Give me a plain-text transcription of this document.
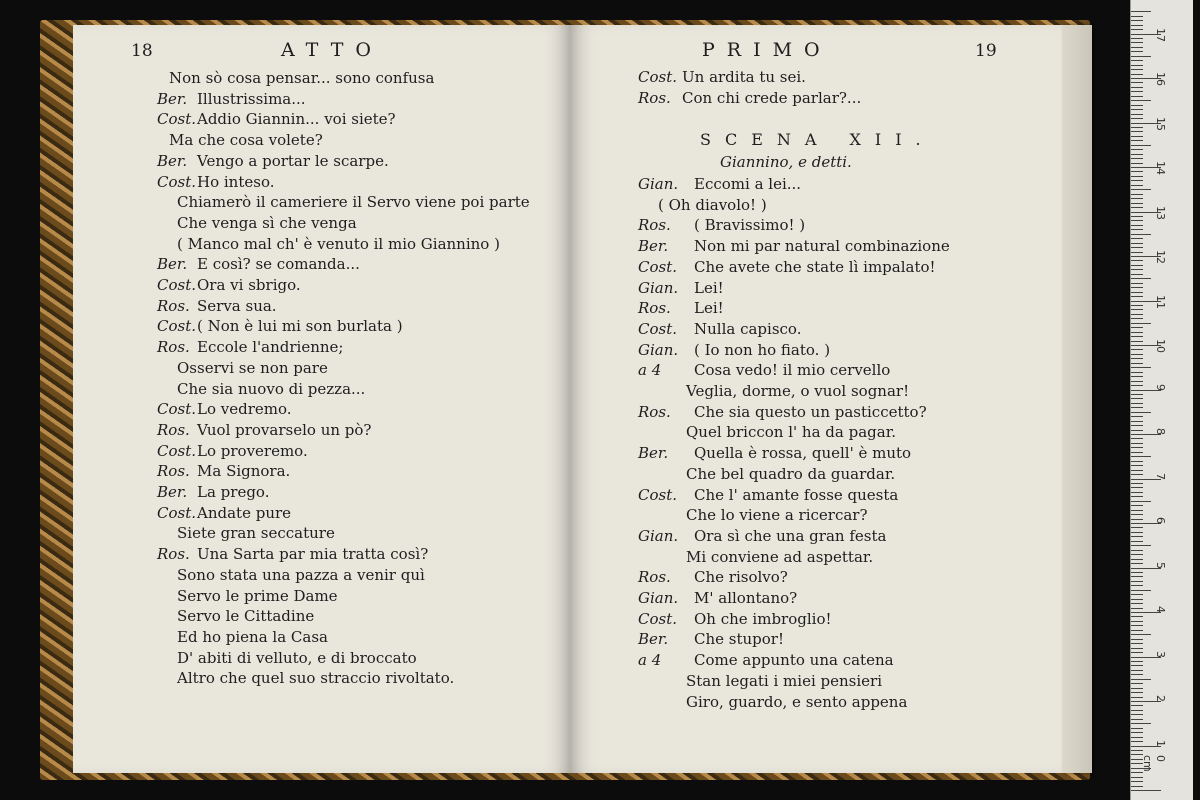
18	ATTO
Non sò cosa pensar... sono confusa
Ber. Illustrissima...
Cost.Addio Giannin... voi siete?
Ma che cosa volete?
Ber. Vengo a portar le scarpe.
Cost.Ho inteso.
Chiamerò il cameriere il Servo viene poi parte
Che venga sì che venga
( Manco mal ch' è venuto il mio Giannino )
Ber. E così? se comanda...
Cost.Ora vi sbrigo.
Ros. Serva sua.
Cost.( Non è lui mi son burlata )
Ros. Eccole l'andrienne;
Osservi se non pare
Che sia nuovo di pezza...
Cost.Lo vedremo.
Ros. Vuol provarselo un pò?
Cost.Lo proveremo.
Ros. Ma Signora.
Ber. La prego.
Cost.Andate pure
Siete gran seccature
Ros. Una Sarta par mia tratta così?
Sono stata una pazza a venir quì
Servo le prime Dame
Servo le Cittadine
Ed ho piena la Casa
D' abiti di velluto, e di broccato
Altro che quel suo straccio rivoltato.
PRIMO	19
Cost. Un ardita tu sei.
Ros. Con chi crede parlar?...
SCENA XII.
Giannino, e detti.
Gian. Eccomi a lei...
( Oh diavolo! )
Ros. ( Bravissimo! )
Ber. Non mi par natural combinazione
Cost. Che avete che state lì impalato!
Gian. Lei!
Ros. Lei!
Cost. Nulla capisco.
Gian. ( Io non ho fiato. )
a 4 Cosa vedo! il mio cervello
Veglia, dorme, o vuol sognar!
Ros. Che sia questo un pasticcetto?
Quel briccon l' ha da pagar.
Ber. Quella è rossa, quell' è muto
Che bel quadro da guardar.
Cost. Che l' amante fosse questa
Che lo viene a ricercar?
Gian. Ora sì che una gran festa
Mi conviene ad aspettar.
Ros. Che risolvo?
Gian. M' allontano?
Cost. Oh che imbroglio!
Ber. Che stupor!
a 4 Come appunto una catena
Stan legati i miei pensieri
Giro, guardo, e sento appena
17
16
15
14
13
12
11
10
9
8
7
6
5
4
3
2
1
0 cm
